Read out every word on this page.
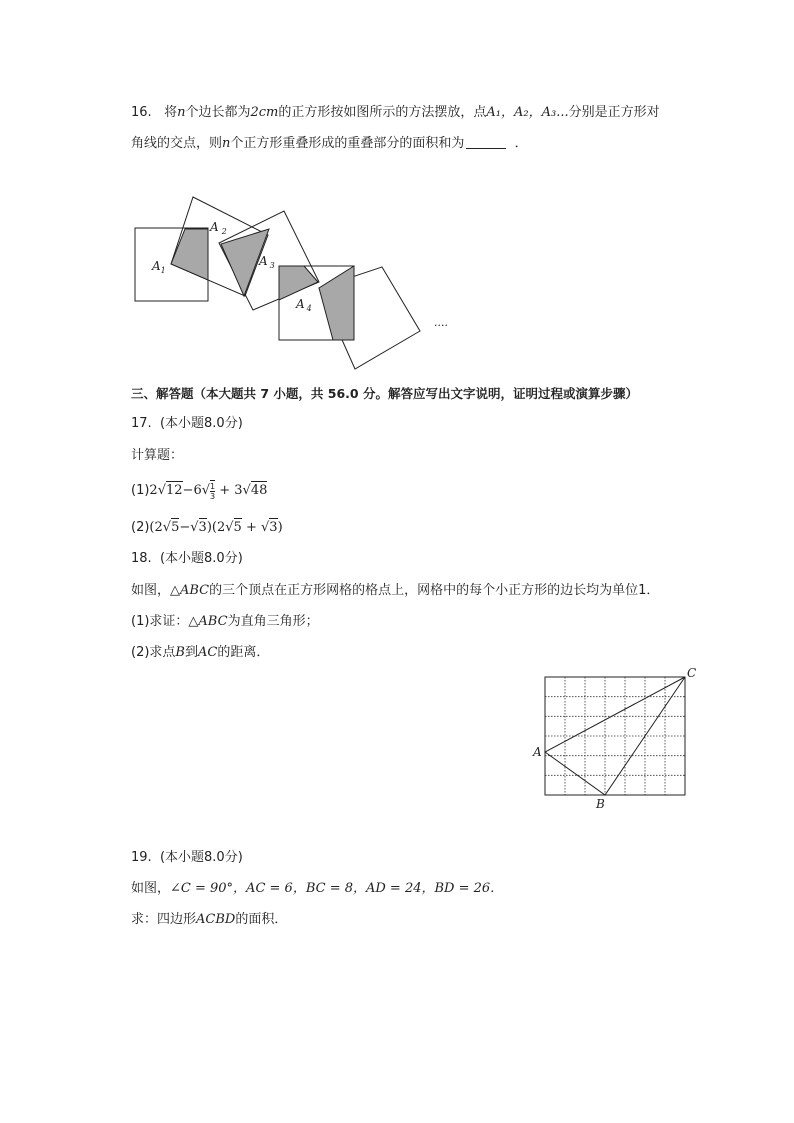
16. 将n个边长都为2cm的正方形按如图所示的方法摆放，点A₁，A₂，A₃...分别是正方形对
角线的交点，则n个正方形重叠形成的重叠部分的面积和为	．
$A_1$
A $_2$
A $_3$
A $_4$
....
三、解答题（本大题共 7 小题，共 56.0 分。解答应写出文字说明，证明过程或演算步骤）
17. (本小题8.0分)
计算题：
$(1)2√12-6√ \frac{1}{3} + 3√48$
(2)(2√5−√3)(2√5 + √3)
18. (本小题8.0分)
如图，△ABC的三个顶点在正方形网格的格点上，网格中的每个小正方形的边长均为单位1．
(1)求证：△ABC为直角三角形；
(2)求点B到AC的距离．
A
B
C
19. (本小题8.0分)
如图，∠C = 90°，AC = 6，BC = 8，AD = 24，BD = 26．
求：四边形ACBD的面积．
